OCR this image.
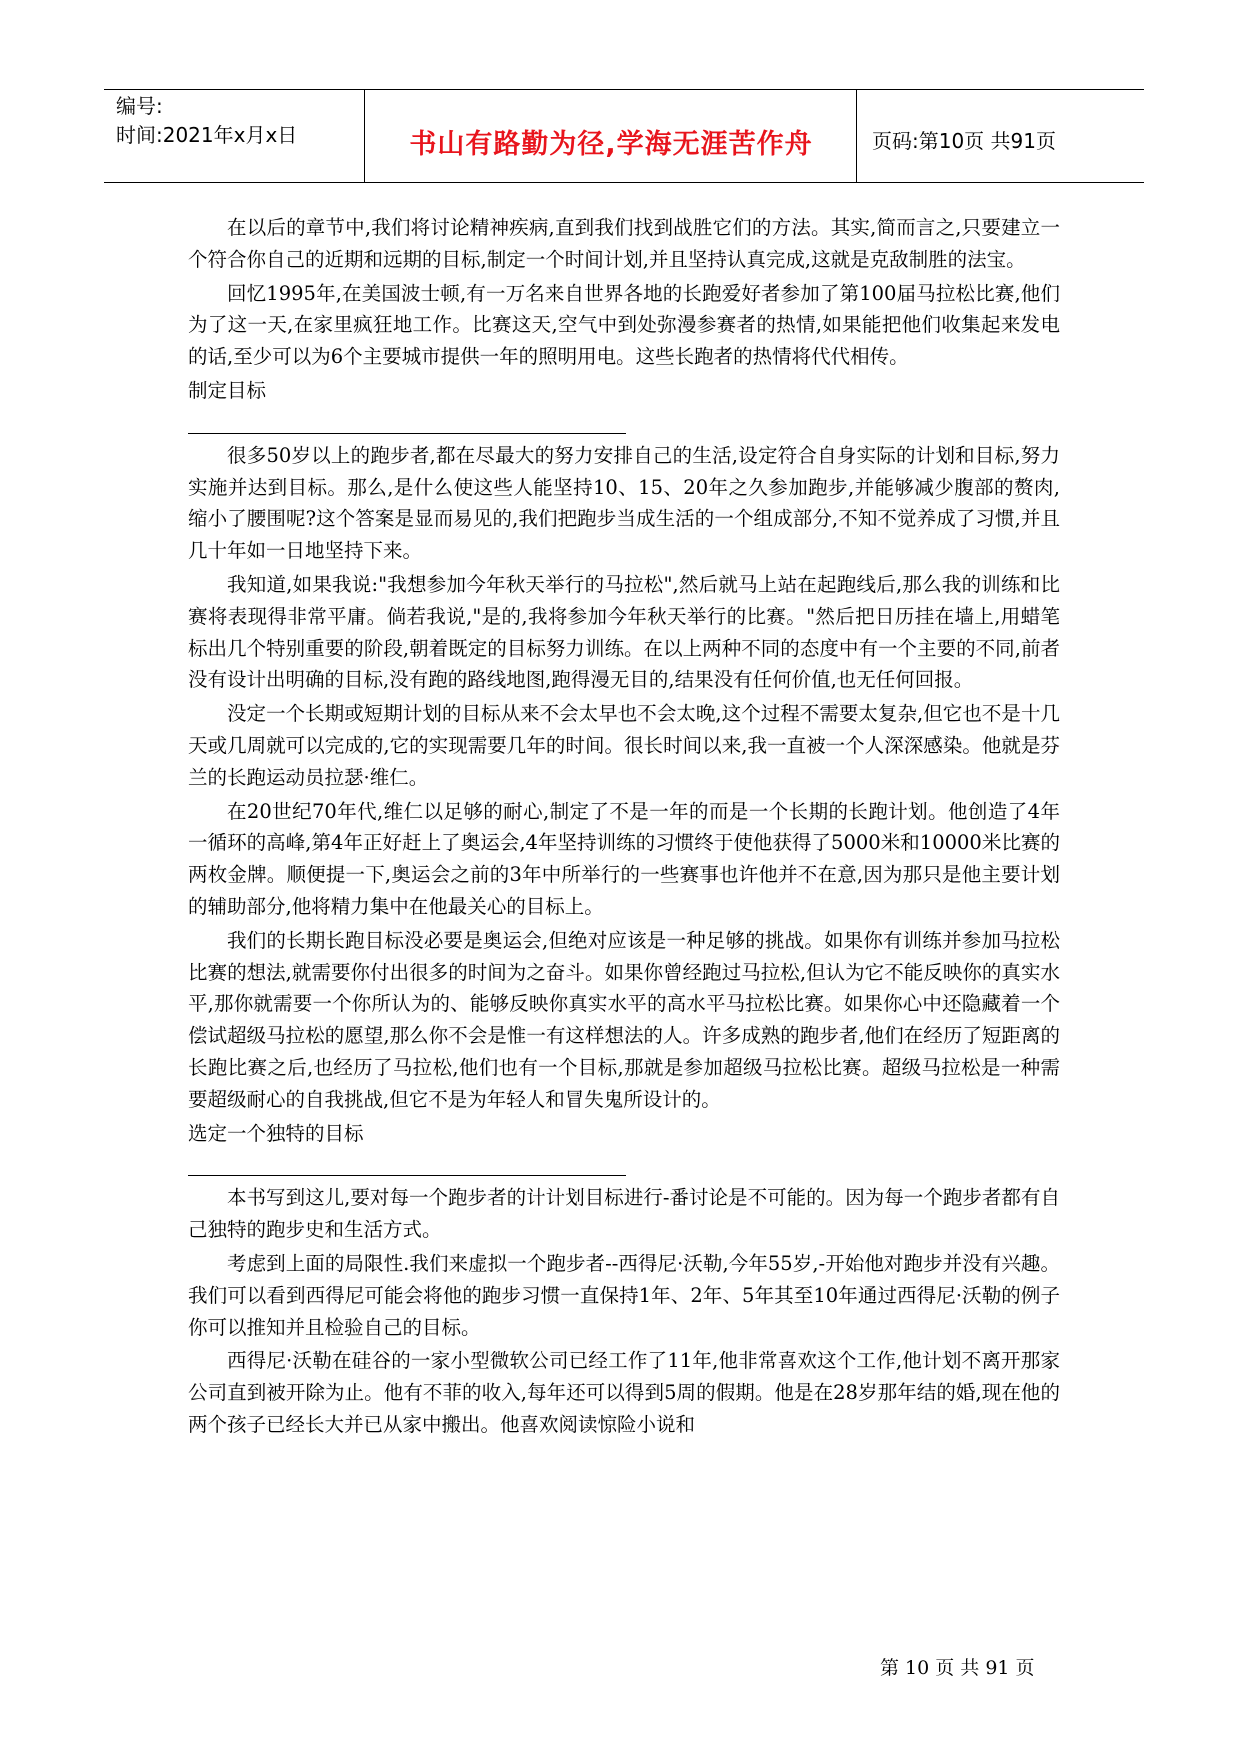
编号:
时间:2021年x月x日	书山有路勤为径,学海无涯苦作舟	页码:第10页 共91页

在以后的章节中,我们将讨论精神疾病,直到我们找到战胜它们的方法。其实,简而言之,只要建立一个符合你自己的近期和远期的目标,制定一个时间计划,并且坚持认真完成,这就是克敌制胜的法宝。

回忆1995年,在美国波士顿,有一万名来自世界各地的长跑爱好者参加了第100届马拉松比赛,他们为了这一天,在家里疯狂地工作。比赛这天,空气中到处弥漫参赛者的热情,如果能把他们收集起来发电的话,至少可以为6个主要城市提供一年的照明用电。这些长跑者的热情将代代相传。

制定目标

很多50岁以上的跑步者,都在尽最大的努力安排自己的生活,设定符合自身实际的计划和目标,努力实施并达到目标。那么,是什么使这些人能坚持10、15、20年之久参加跑步,并能够减少腹部的赘肉,缩小了腰围呢?这个答案是显而易见的,我们把跑步当成生活的一个组成部分,不知不觉养成了习惯,并且几十年如一日地坚持下来。

我知道,如果我说:"我想参加今年秋天举行的马拉松",然后就马上站在起跑线后,那么我的训练和比赛将表现得非常平庸。倘若我说,"是的,我将参加今年秋天举行的比赛。"然后把日历挂在墙上,用蜡笔标出几个特别重要的阶段,朝着既定的目标努力训练。在以上两种不同的态度中有一个主要的不同,前者没有设计出明确的目标,没有跑的路线地图,跑得漫无目的,结果没有任何价值,也无任何回报。

没定一个长期或短期计划的目标从来不会太早也不会太晚,这个过程不需要太复杂,但它也不是十几天或几周就可以完成的,它的实现需要几年的时间。很长时间以来,我一直被一个人深深感染。他就是芬兰的长跑运动员拉瑟·维仁。

在20世纪70年代,维仁以足够的耐心,制定了不是一年的而是一个长期的长跑计划。他创造了4年一循环的高峰,第4年正好赶上了奥运会,4年坚持训练的习惯终于使他获得了5000米和10000米比赛的两枚金牌。顺便提一下,奥运会之前的3年中所举行的一些赛事也许他并不在意,因为那只是他主要计划的辅助部分,他将精力集中在他最关心的目标上。

我们的长期长跑目标没必要是奥运会,但绝对应该是一种足够的挑战。如果你有训练并参加马拉松比赛的想法,就需要你付出很多的时间为之奋斗。如果你曾经跑过马拉松,但认为它不能反映你的真实水平,那你就需要一个你所认为的、能够反映你真实水平的高水平马拉松比赛。如果你心中还隐藏着一个偿试超级马拉松的愿望,那么你不会是惟一有这样想法的人。许多成熟的跑步者,他们在经历了短距离的长跑比赛之后,也经历了马拉松,他们也有一个目标,那就是参加超级马拉松比赛。超级马拉松是一种需要超级耐心的自我挑战,但它不是为年轻人和冒失鬼所设计的。

选定一个独特的目标

本书写到这儿,要对每一个跑步者的计计划目标进行-番讨论是不可能的。因为每一个跑步者都有自己独特的跑步史和生活方式。

考虑到上面的局限性.我们来虚拟一个跑步者--西得尼·沃勒,今年55岁,-开始他对跑步并没有兴趣。我们可以看到西得尼可能会将他的跑步习惯一直保持1年、2年、5年其至10年通过西得尼·沃勒的例子你可以推知并且检验自己的目标。

西得尼·沃勒在硅谷的一家小型微软公司已经工作了11年,他非常喜欢这个工作,他计划不离开那家公司直到被开除为止。他有不菲的收入,每年还可以得到5周的假期。他是在28岁那年结的婚,现在他的两个孩子已经长大并已从家中搬出。他喜欢阅读惊险小说和

第 10 页 共 91 页
